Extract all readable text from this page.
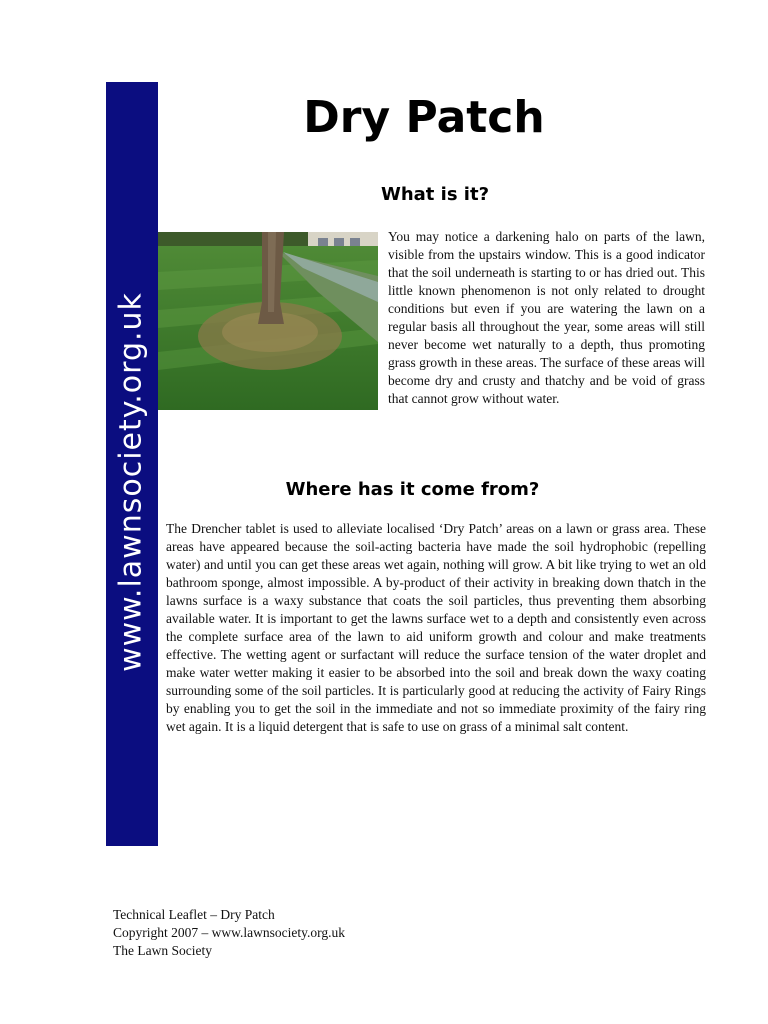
www.lawnsociety.org.uk
Dry Patch
What is it?

You may notice a darkening halo on parts of the lawn, visible from the upstairs window. This is a good indicator that the soil underneath is starting to or has dried out. This little known phenomenon is not only related to drought conditions but even if you are watering the lawn on a regular basis all throughout the year, some areas will still never become wet naturally to a depth, thus promoting grass growth in these areas. The surface of these areas will become dry and crusty and thatchy and be void of grass that cannot grow without water.

Where has it come from?

The Drencher tablet is used to alleviate localised ‘Dry Patch’ areas on a lawn or grass area. These areas have appeared because the soil-acting bacteria have made the soil hydrophobic (repelling water) and until you can get these areas wet again, nothing will grow. A bit like trying to wet an old bathroom sponge, almost impossible. A by-product of their activity in breaking down thatch in the lawns surface is a waxy substance that coats the soil particles, thus preventing them absorbing available water. It is important to get the lawns surface wet to a depth and consistently even across the complete surface area of the lawn to aid uniform growth and colour and make treatments effective. The wetting agent or surfactant will reduce the surface tension of the water droplet and make water wetter making it easier to be absorbed into the soil and break down the waxy coating surrounding some of the soil particles. It is particularly good at reducing the activity of Fairy Rings by enabling you to get the soil in the immediate and not so immediate proximity of the fairy ring wet again. It is a liquid detergent that is safe to use on grass of a minimal salt content.

Technical Leaflet – Dry Patch
Copyright 2007 – www.lawnsociety.org.uk
The Lawn Society
